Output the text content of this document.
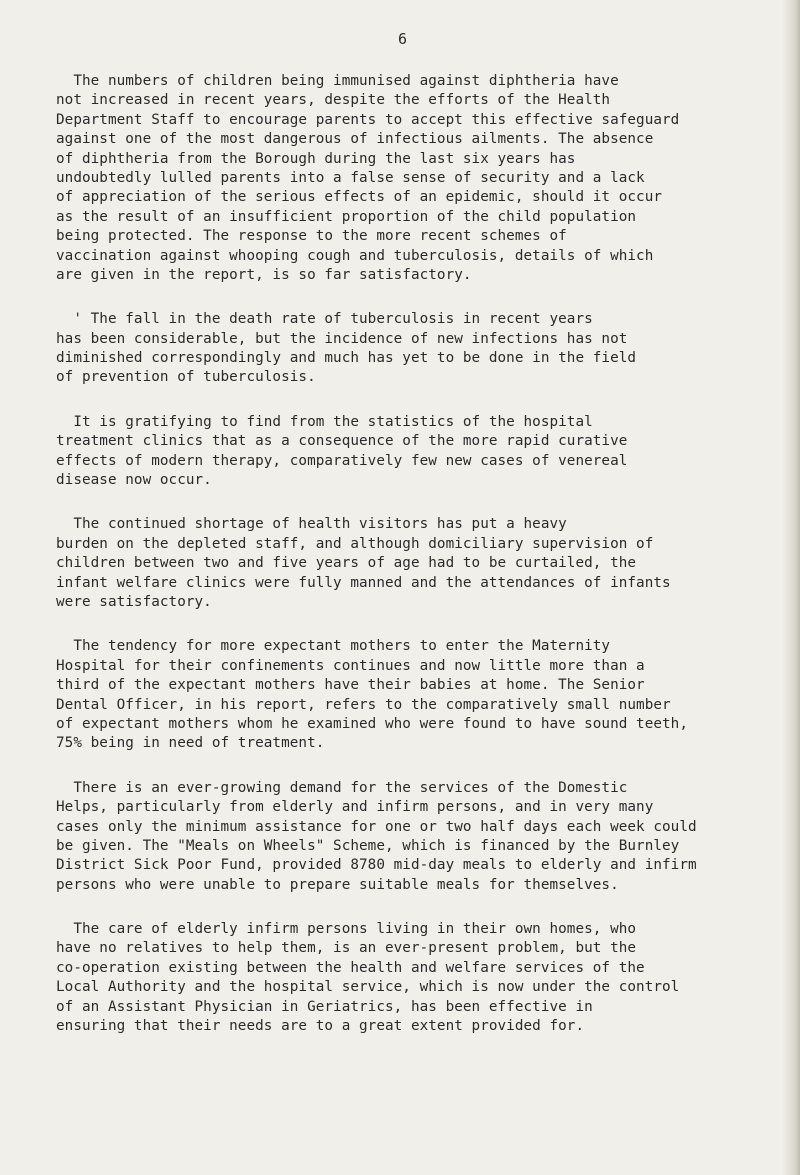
6
The numbers of children being immunised against diphtheria have
not increased in recent years, despite the efforts of the Health
Department Staff to encourage parents to accept this effective safeguard
against one of the most dangerous of infectious ailments. The absence
of diphtheria from the Borough during the last six years has
undoubtedly lulled parents into a false sense of security and a lack
of appreciation of the serious effects of an epidemic, should it occur
as the result of an insufficient proportion of the child population
being protected. The response to the more recent schemes of
vaccination against whooping cough and tuberculosis, details of which
are given in the report, is so far satisfactory.
' The fall in the death rate of tuberculosis in recent years
has been considerable, but the incidence of new infections has not
diminished correspondingly and much has yet to be done in the field
of prevention of tuberculosis.
It is gratifying to find from the statistics of the hospital
treatment clinics that as a consequence of the more rapid curative
effects of modern therapy, comparatively few new cases of venereal
disease now occur.
The continued shortage of health visitors has put a heavy
burden on the depleted staff, and although domiciliary supervision of
children between two and five years of age had to be curtailed, the
infant welfare clinics were fully manned and the attendances of infants
were satisfactory.
The tendency for more expectant mothers to enter the Maternity
Hospital for their confinements continues and now little more than a
third of the expectant mothers have their babies at home. The Senior
Dental Officer, in his report, refers to the comparatively small number
of expectant mothers whom he examined who were found to have sound teeth,
75% being in need of treatment.
There is an ever-growing demand for the services of the Domestic
Helps, particularly from elderly and infirm persons, and in very many
cases only the minimum assistance for one or two half days each week could
be given. The "Meals on Wheels" Scheme, which is financed by the Burnley
District Sick Poor Fund, provided 8780 mid-day meals to elderly and infirm
persons who were unable to prepare suitable meals for themselves.
The care of elderly infirm persons living in their own homes, who
have no relatives to help them, is an ever-present problem, but the
co-operation existing between the health and welfare services of the
Local Authority and the hospital service, which is now under the control
of an Assistant Physician in Geriatrics, has been effective in
ensuring that their needs are to a great extent provided for.
